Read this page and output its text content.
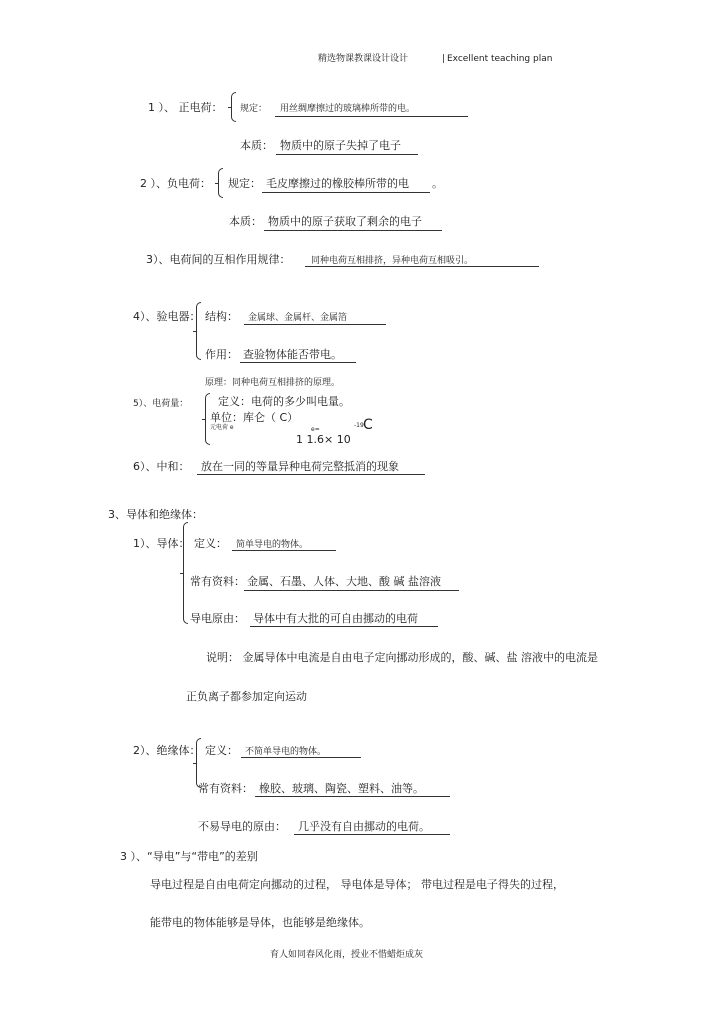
精选物课教课设计设计	| Excellent teaching plan
1 ）、 正电荷： 规定： 用丝绸摩擦过的玻璃棒所带的电。
本质： 物质中的原子失掉了电子
2 ）、负电荷： 规定： 毛皮摩擦过的橡胶棒所带的电 。
本质： 物质中的原子获取了剩余的电子
3）、电荷间的互相作用规律： 同种电荷互相排挤，异种电荷互相吸引。
4）、验电器： 结构： 金属球、金属杆、金属箔
作用： 查验物体能否带电。
原理：同种电荷互相排挤的原理。
5）、电荷量：	定义：电荷的多少叫电量。
单位：库仑（ C）
元电荷 e	e=
-19 C
1 1.6× 10
6）、中和： 放在一同的等量异种电荷完整抵消的现象
3、导体和绝缘体：
1）、导体： 定义： 简单导电的物体。
常有资料： 金属、石墨、人体、大地、酸 碱 盐溶液
导电原由： 导体中有大批的可自由挪动的电荷
说明： 金属导体中电流是自由电子定向挪动形成的，酸、碱、盐 溶液中的电流是
正负离子都参加定向运动
2）、绝缘体： 定义： 不简单导电的物体。
常有资料： 橡胶、玻璃、陶瓷、塑料、油等。
不易导电的原由： 几乎没有自由挪动的电荷。
3 ）、“导电”与“带电”的差别
导电过程是自由电荷定向挪动的过程， 导电体是导体； 带电过程是电子得失的过程，
能带电的物体能够是导体，也能够是绝缘体。
育人如同春风化雨，授业不惜蜡炬成灰
